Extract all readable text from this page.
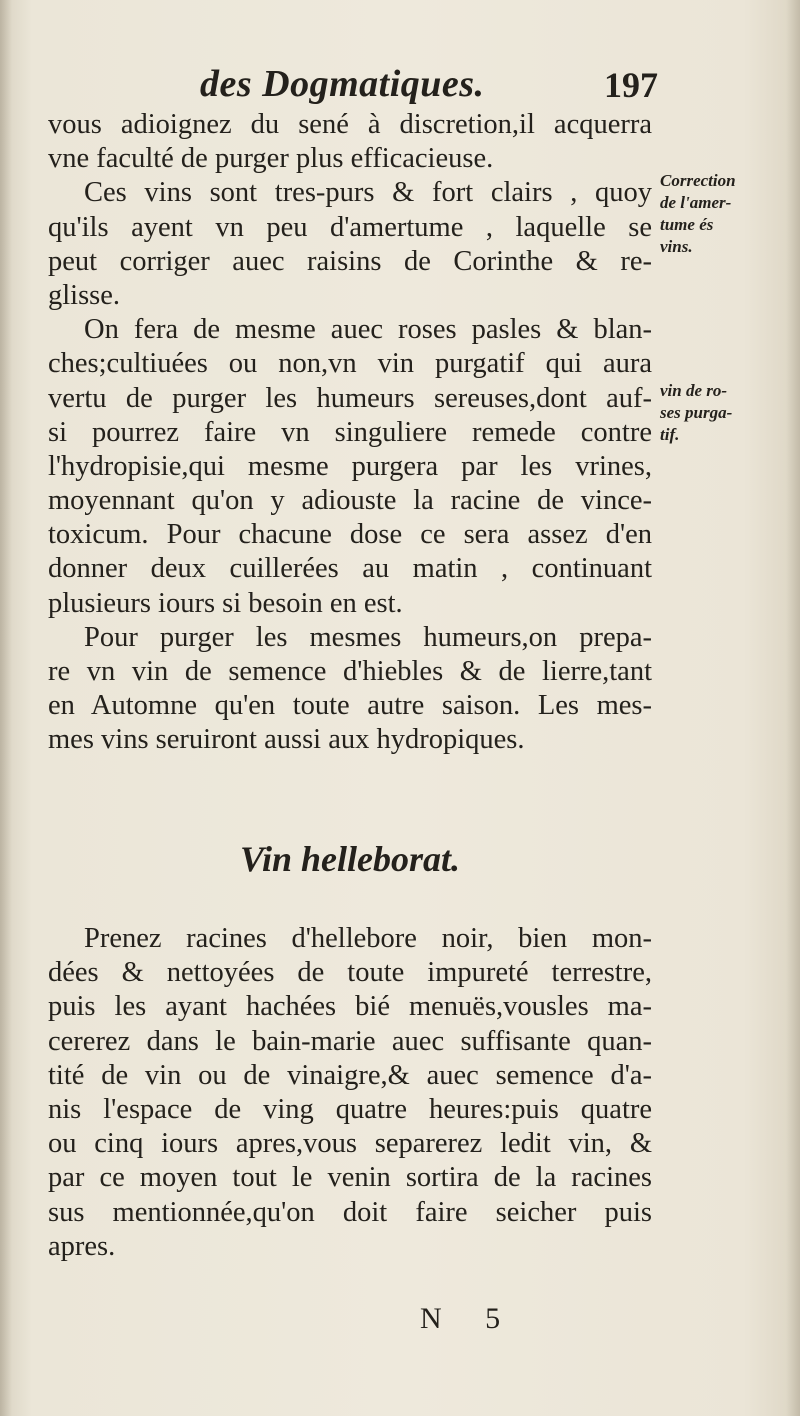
des Dogmatiques.	197
vous adioignez du sené à discretion,il acquerra
vne faculté de purger plus efficacieuse.
Ces vins sont tres-purs & fort clairs , quoy
qu'ils ayent vn peu d'amertume , laquelle se
peut corriger auec raisins de Corinthe & re-
glisse.
On fera de mesme auec roses pasles & blan-
ches;cultiuées ou non,vn vin purgatif qui aura
vertu de purger les humeurs sereuses,dont auf-
si pourrez faire vn singuliere remede contre
l'hydropisie,qui mesme purgera par les vrines,
moyennant qu'on y adiouste la racine de vince-
toxicum. Pour chacune dose ce sera assez d'en
donner deux cuillerées au matin , continuant
plusieurs iours si besoin en est.
Pour purger les mesmes humeurs,on prepa-
re vn vin de semence d'hiebles & de lierre,tant
en Automne qu'en toute autre saison. Les mes-
mes vins seruiront aussi aux hydropiques.
Vin helleborat.
Prenez racines d'hellebore noir, bien mon-
dées & nettoyées de toute impureté terrestre,
puis les ayant hachées bié menuës,vousles ma-
cererez dans le bain-marie auec suffisante quan-
tité de vin ou de vinaigre,& auec semence d'a-
nis l'espace de ving quatre heures:puis quatre
ou cinq iours apres,vous separerez ledit vin, &
par ce moyen tout le venin sortira de la racines
sus mentionnée,qu'on doit faire seicher puis
apres.
Correction
de l'amer-
tume és
vins.
vin de ro-
ses purga-
tif.
N 5
